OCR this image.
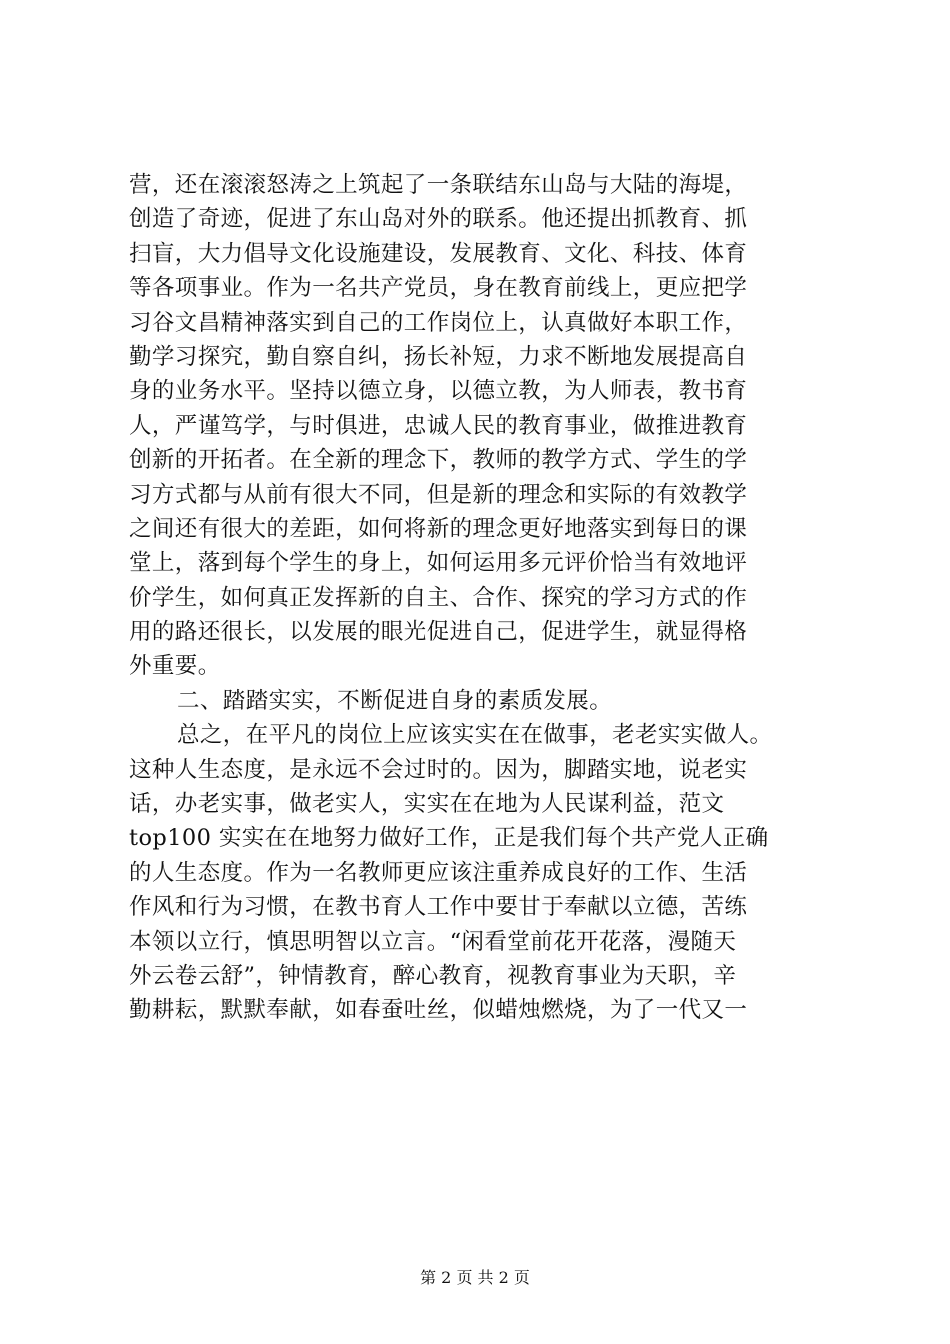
营，还在滚滚怒涛之上筑起了一条联结东山岛与大陆的海堤，
创造了奇迹，促进了东山岛对外的联系。他还提出抓教育、抓
扫盲，大力倡导文化设施建设，发展教育、文化、科技、体育
等各项事业。作为一名共产党员，身在教育前线上，更应把学
习谷文昌精神落实到自己的工作岗位上，认真做好本职工作，
勤学习探究，勤自察自纠，扬长补短，力求不断地发展提高自
身的业务水平。坚持以德立身，以德立教，为人师表，教书育
人，严谨笃学，与时俱进，忠诚人民的教育事业，做推进教育
创新的开拓者。在全新的理念下，教师的教学方式、学生的学
习方式都与从前有很大不同，但是新的理念和实际的有效教学
之间还有很大的差距，如何将新的理念更好地落实到每日的课
堂上，落到每个学生的身上，如何运用多元评价恰当有效地评
价学生，如何真正发挥新的自主、合作、探究的学习方式的作
用的路还很长，以发展的眼光促进自己，促进学生，就显得格
外重要。
二、踏踏实实，不断促进自身的素质发展。
总之，在平凡的岗位上应该实实在在做事，老老实实做人。
这种人生态度，是永远不会过时的。因为，脚踏实地，说老实
话，办老实事，做老实人，实实在在地为人民谋利益，范文
top100 实实在在地努力做好工作，正是我们每个共产党人正确
的人生态度。作为一名教师更应该注重养成良好的工作、生活
作风和行为习惯，在教书育人工作中要甘于奉献以立德，苦练
本领以立行，慎思明智以立言。“闲看堂前花开花落，漫随天
外云卷云舒”，钟情教育，醉心教育，视教育事业为天职，辛
勤耕耘，默默奉献，如春蚕吐丝，似蜡烛燃烧，为了一代又一
第 2 页 共 2 页
